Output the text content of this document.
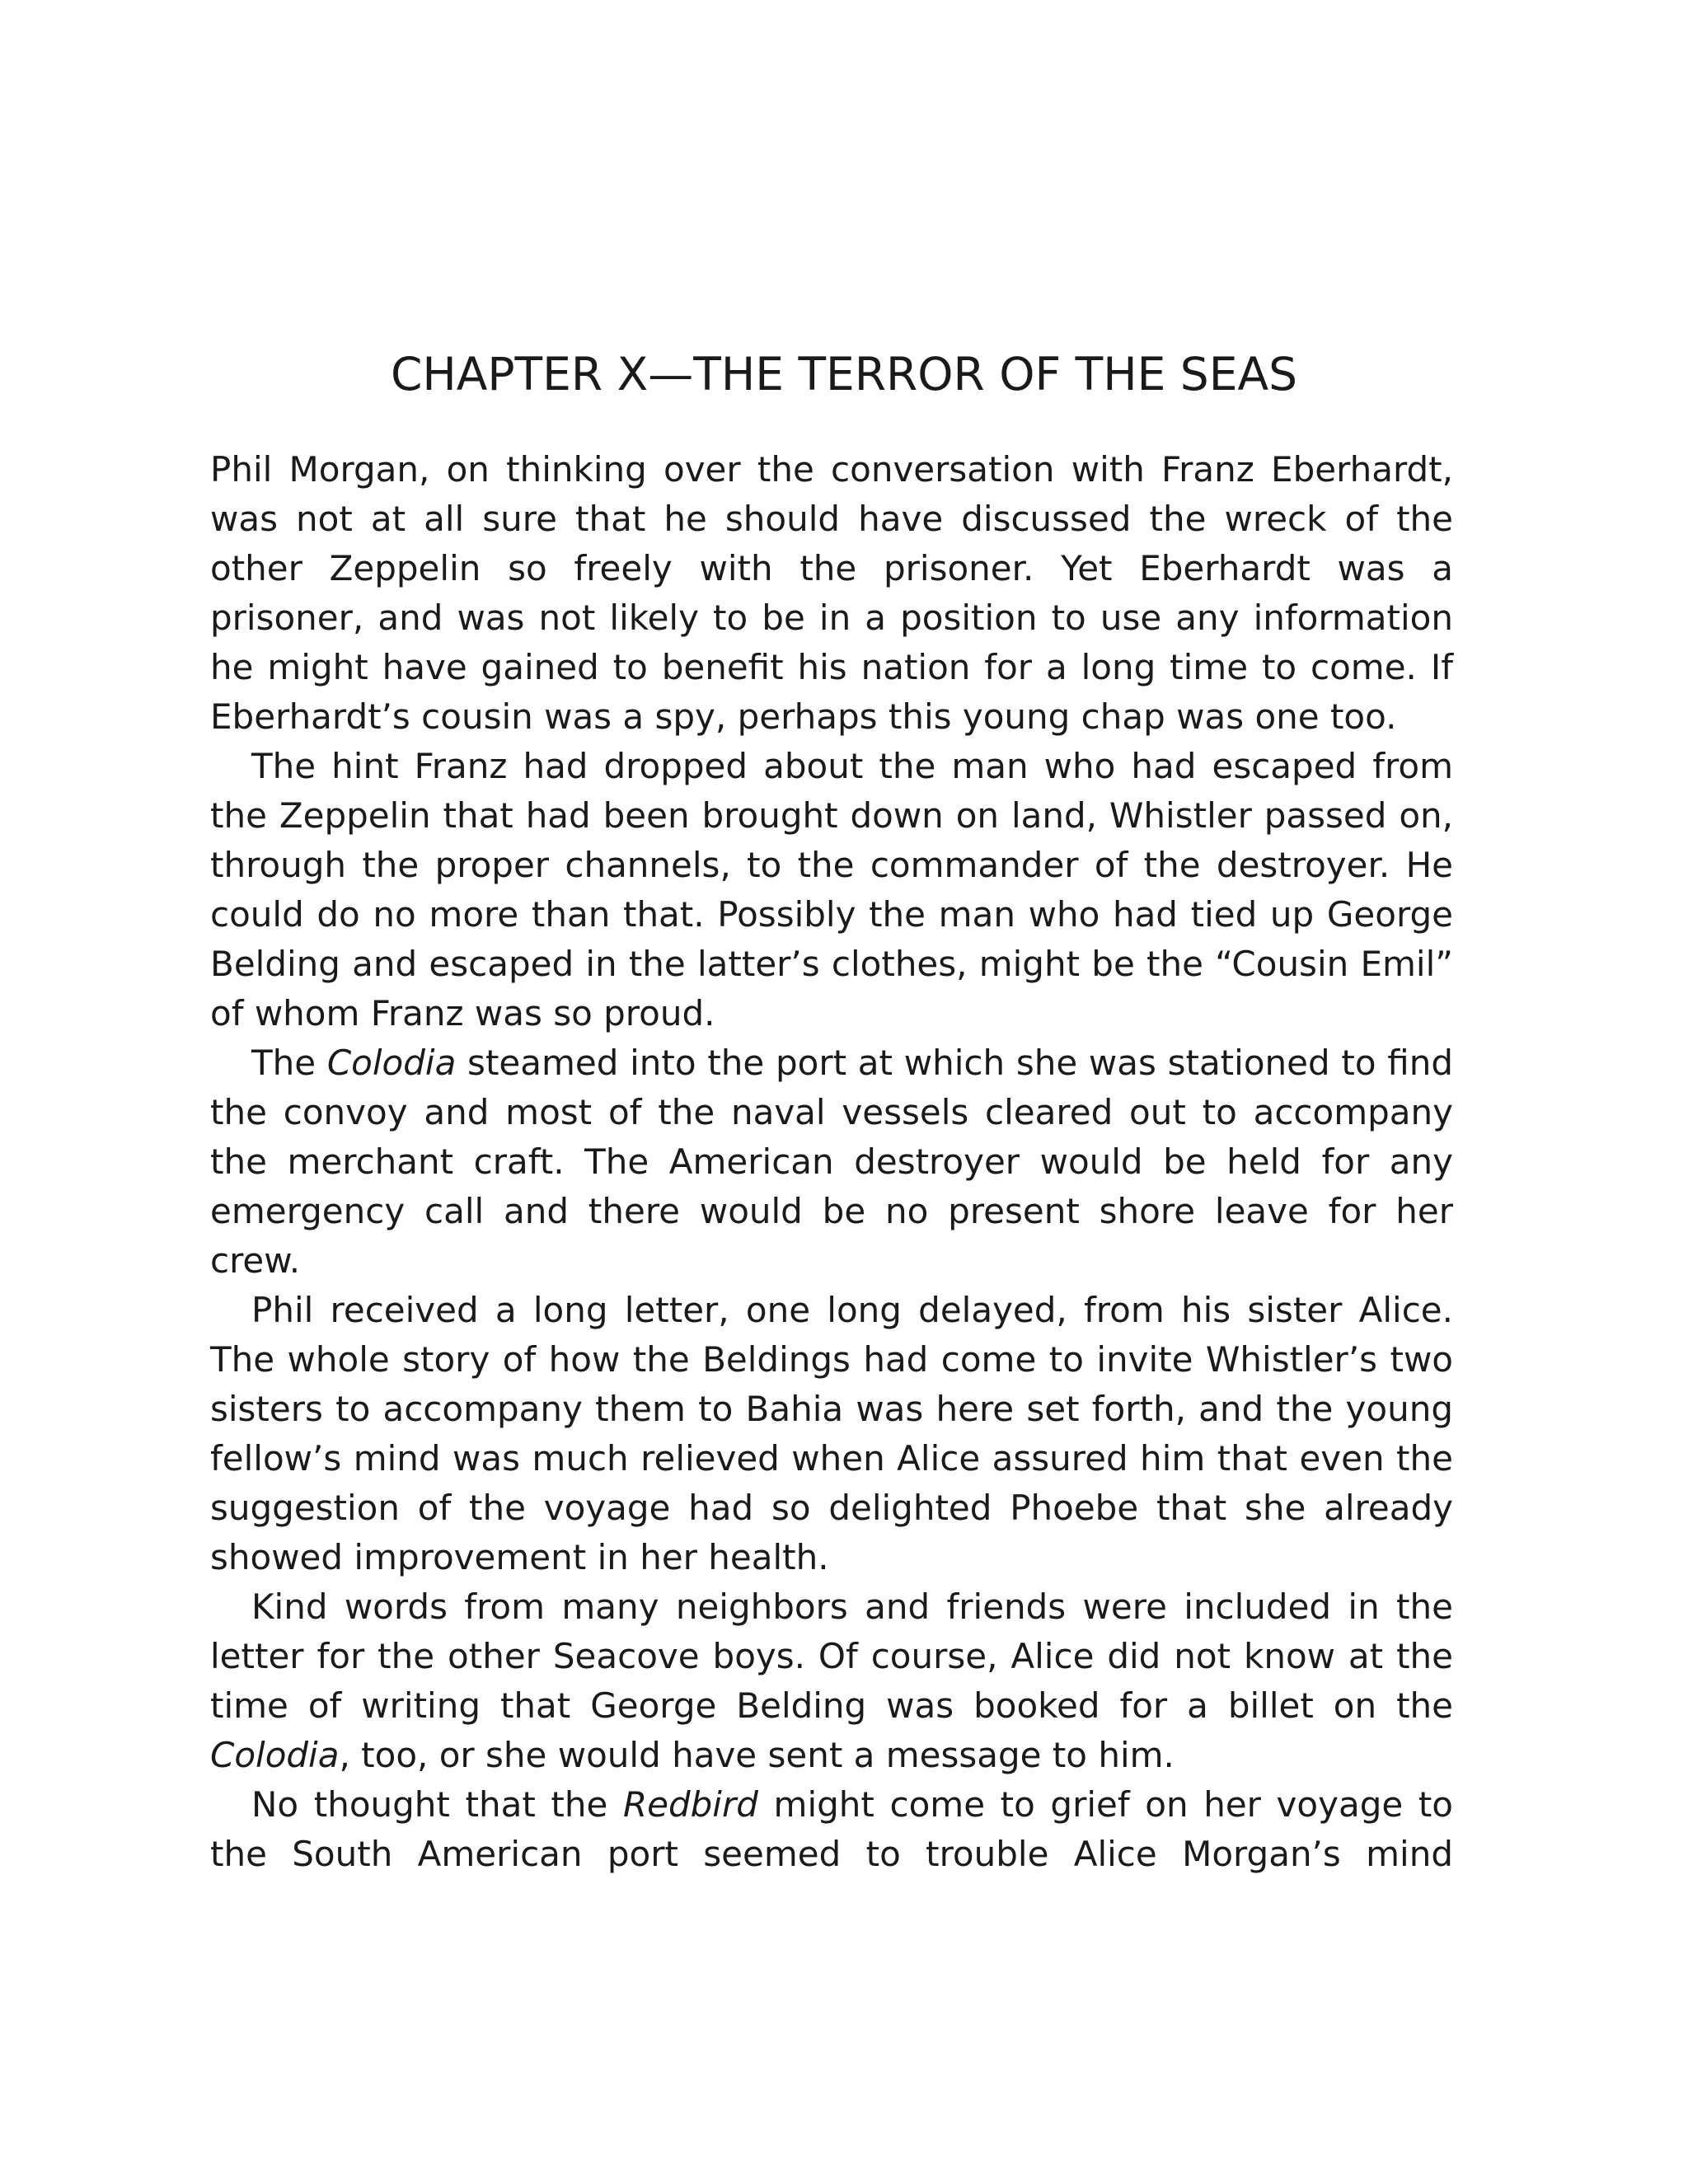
CHAPTER X—THE TERROR OF THE SEAS

Phil Morgan, on thinking over the conversation with Franz Eberhardt, was not at all sure that he should have discussed the wreck of the other Zeppelin so freely with the prisoner. Yet Eberhardt was a prisoner, and was not likely to be in a position to use any information he might have gained to benefit his nation for a long time to come. If Eberhardt’s cousin was a spy, perhaps this young chap was one too.

The hint Franz had dropped about the man who had escaped from the Zeppelin that had been brought down on land, Whistler passed on, through the proper channels, to the commander of the destroyer. He could do no more than that. Possibly the man who had tied up George Belding and escaped in the latter’s clothes, might be the “Cousin Emil” of whom Franz was so proud.

The Colodia steamed into the port at which she was stationed to find the convoy and most of the naval vessels cleared out to accompany the merchant craft. The American destroyer would be held for any emergency call and there would be no present shore leave for her crew.

Phil received a long letter, one long delayed, from his sister Alice. The whole story of how the Beldings had come to invite Whistler’s two sisters to accompany them to Bahia was here set forth, and the young fellow’s mind was much relieved when Alice assured him that even the suggestion of the voyage had so delighted Phoebe that she already showed improvement in her health.

Kind words from many neighbors and friends were included in the letter for the other Seacove boys. Of course, Alice did not know at the time of writing that George Belding was booked for a billet on the Colodia, too, or she would have sent a message to him.

No thought that the Redbird might come to grief on her voyage to the South American port seemed to trouble Alice Morgan’s mind
